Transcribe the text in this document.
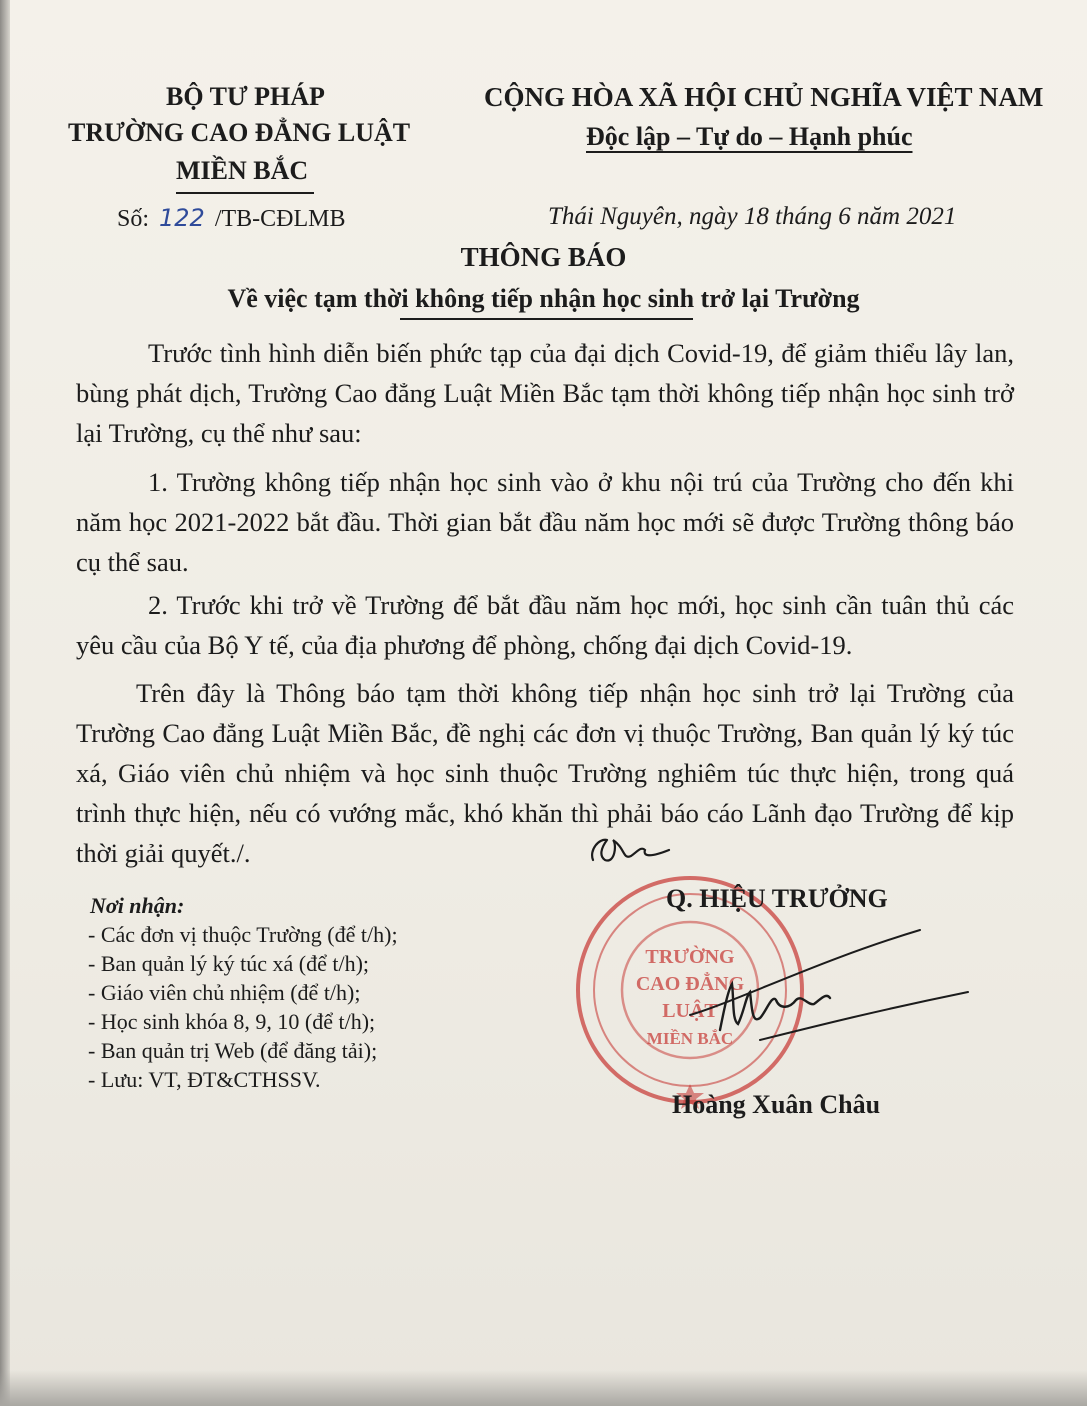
BỘ TƯ PHÁP
TRƯỜNG CAO ĐẲNG LUẬT
MIỀN BẮC
CỘNG HÒA XÃ HỘI CHỦ NGHĨA VIỆT NAM
Độc lập – Tự do – Hạnh phúc
Số: 122 /TB-CĐLMB	Thái Nguyên, ngày 18 tháng 6 năm 2021
THÔNG BÁO
Về việc tạm thời không tiếp nhận học sinh trở lại Trường
Trước tình hình diễn biến phức tạp của đại dịch Covid-19, để giảm thiểu lây lan, bùng phát dịch, Trường Cao đẳng Luật Miền Bắc tạm thời không tiếp nhận học sinh trở lại Trường, cụ thể như sau:
1. Trường không tiếp nhận học sinh vào ở khu nội trú của Trường cho đến khi năm học 2021-2022 bắt đầu. Thời gian bắt đầu năm học mới sẽ được Trường thông báo cụ thể sau.
2. Trước khi trở về Trường để bắt đầu năm học mới, học sinh cần tuân thủ các yêu cầu của Bộ Y tế, của địa phương để phòng, chống đại dịch Covid-19.
Trên đây là Thông báo tạm thời không tiếp nhận học sinh trở lại Trường của Trường Cao đẳng Luật Miền Bắc, đề nghị các đơn vị thuộc Trường, Ban quản lý ký túc xá, Giáo viên chủ nhiệm và học sinh thuộc Trường nghiêm túc thực hiện, trong quá trình thực hiện, nếu có vướng mắc, khó khăn thì phải báo cáo Lãnh đạo Trường để kịp thời giải quyết./.
Nơi nhận:
- Các đơn vị thuộc Trường (để t/h);
- Ban quản lý ký túc xá (để t/h);
- Giáo viên chủ nhiệm (để t/h);
- Học sinh khóa 8, 9, 10 (để t/h);
- Ban quản trị Web (để đăng tải);
- Lưu: VT, ĐT&CTHSSV.
TRƯỜNG
CAO ĐẲNG
LUẬT
MIỀN BẮC
Q. HIỆU TRƯỞNG
Hoàng Xuân Châu
